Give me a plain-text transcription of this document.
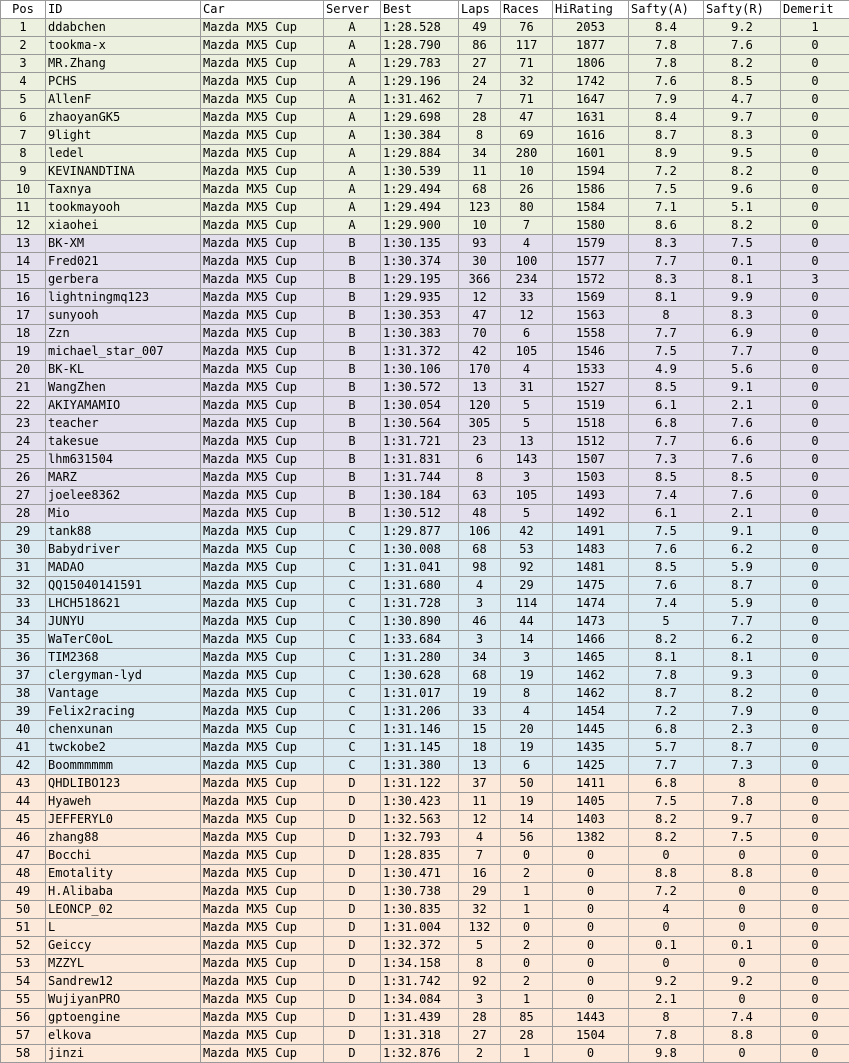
Pos	ID	Car	Server	Best	Laps	Races	HiRating	Safty(A)	Safty(R)	Demerit
1	ddabchen	Mazda MX5 Cup	A	1:28.528	49	76	2053	8.4	9.2	1
2	tookma-x	Mazda MX5 Cup	A	1:28.790	86	117	1877	7.8	7.6	0
3	MR.Zhang	Mazda MX5 Cup	A	1:29.783	27	71	1806	7.8	8.2	0
4	PCHS	Mazda MX5 Cup	A	1:29.196	24	32	1742	7.6	8.5	0
5	AllenF	Mazda MX5 Cup	A	1:31.462	7	71	1647	7.9	4.7	0
6	zhaoyanGK5	Mazda MX5 Cup	A	1:29.698	28	47	1631	8.4	9.7	0
7	9light	Mazda MX5 Cup	A	1:30.384	8	69	1616	8.7	8.3	0
8	ledel	Mazda MX5 Cup	A	1:29.884	34	280	1601	8.9	9.5	0
9	KEVINANDTINA	Mazda MX5 Cup	A	1:30.539	11	10	1594	7.2	8.2	0
10	Taxnya	Mazda MX5 Cup	A	1:29.494	68	26	1586	7.5	9.6	0
11	tookmayooh	Mazda MX5 Cup	A	1:29.494	123	80	1584	7.1	5.1	0
12	xiaohei	Mazda MX5 Cup	A	1:29.900	10	7	1580	8.6	8.2	0
13	BK-XM	Mazda MX5 Cup	B	1:30.135	93	4	1579	8.3	7.5	0
14	Fred021	Mazda MX5 Cup	B	1:30.374	30	100	1577	7.7	0.1	0
15	gerbera	Mazda MX5 Cup	B	1:29.195	366	234	1572	8.3	8.1	3
16	lightningmq123	Mazda MX5 Cup	B	1:29.935	12	33	1569	8.1	9.9	0
17	sunyooh	Mazda MX5 Cup	B	1:30.353	47	12	1563	8	8.3	0
18	Zzn	Mazda MX5 Cup	B	1:30.383	70	6	1558	7.7	6.9	0
19	michael_star_007	Mazda MX5 Cup	B	1:31.372	42	105	1546	7.5	7.7	0
20	BK-KL	Mazda MX5 Cup	B	1:30.106	170	4	1533	4.9	5.6	0
21	WangZhen	Mazda MX5 Cup	B	1:30.572	13	31	1527	8.5	9.1	0
22	AKIYAMAMIO	Mazda MX5 Cup	B	1:30.054	120	5	1519	6.1	2.1	0
23	teacher	Mazda MX5 Cup	B	1:30.564	305	5	1518	6.8	7.6	0
24	takesue	Mazda MX5 Cup	B	1:31.721	23	13	1512	7.7	6.6	0
25	lhm631504	Mazda MX5 Cup	B	1:31.831	6	143	1507	7.3	7.6	0
26	MARZ	Mazda MX5 Cup	B	1:31.744	8	3	1503	8.5	8.5	0
27	joelee8362	Mazda MX5 Cup	B	1:30.184	63	105	1493	7.4	7.6	0
28	Mio	Mazda MX5 Cup	B	1:30.512	48	5	1492	6.1	2.1	0
29	tank88	Mazda MX5 Cup	C	1:29.877	106	42	1491	7.5	9.1	0
30	Babydriver	Mazda MX5 Cup	C	1:30.008	68	53	1483	7.6	6.2	0
31	MADAO	Mazda MX5 Cup	C	1:31.041	98	92	1481	8.5	5.9	0
32	QQ15040141591	Mazda MX5 Cup	C	1:31.680	4	29	1475	7.6	8.7	0
33	LHCH518621	Mazda MX5 Cup	C	1:31.728	3	114	1474	7.4	5.9	0
34	JUNYU	Mazda MX5 Cup	C	1:30.890	46	44	1473	5	7.7	0
35	WaTerC0oL	Mazda MX5 Cup	C	1:33.684	3	14	1466	8.2	6.2	0
36	TIM2368	Mazda MX5 Cup	C	1:31.280	34	3	1465	8.1	8.1	0
37	clergyman-lyd	Mazda MX5 Cup	C	1:30.628	68	19	1462	7.8	9.3	0
38	Vantage	Mazda MX5 Cup	C	1:31.017	19	8	1462	8.7	8.2	0
39	Felix2racing	Mazda MX5 Cup	C	1:31.206	33	4	1454	7.2	7.9	0
40	chenxunan	Mazda MX5 Cup	C	1:31.146	15	20	1445	6.8	2.3	0
41	twckobe2	Mazda MX5 Cup	C	1:31.145	18	19	1435	5.7	8.7	0
42	Boommmmmm	Mazda MX5 Cup	C	1:31.380	13	6	1425	7.7	7.3	0
43	QHDLIBO123	Mazda MX5 Cup	D	1:31.122	37	50	1411	6.8	8	0
44	Hyaweh	Mazda MX5 Cup	D	1:30.423	11	19	1405	7.5	7.8	0
45	JEFFERYL0	Mazda MX5 Cup	D	1:32.563	12	14	1403	8.2	9.7	0
46	zhang88	Mazda MX5 Cup	D	1:32.793	4	56	1382	8.2	7.5	0
47	Bocchi	Mazda MX5 Cup	D	1:28.835	7	0	0	0	0	0
48	Emotality	Mazda MX5 Cup	D	1:30.471	16	2	0	8.8	8.8	0
49	H.Alibaba	Mazda MX5 Cup	D	1:30.738	29	1	0	7.2	0	0
50	LEONCP_02	Mazda MX5 Cup	D	1:30.835	32	1	0	4	0	0
51	L	Mazda MX5 Cup	D	1:31.004	132	0	0	0	0	0
52	Geiccy	Mazda MX5 Cup	D	1:32.372	5	2	0	0.1	0.1	0
53	MZZYL	Mazda MX5 Cup	D	1:34.158	8	0	0	0	0	0
54	Sandrew12	Mazda MX5 Cup	D	1:31.742	92	2	0	9.2	9.2	0
55	WujiyanPRO	Mazda MX5 Cup	D	1:34.084	3	1	0	2.1	0	0
56	gptoengine	Mazda MX5 Cup	D	1:31.439	28	85	1443	8	7.4	0
57	elkova	Mazda MX5 Cup	D	1:31.318	27	28	1504	7.8	8.8	0
58	jinzi	Mazda MX5 Cup	D	1:32.876	2	1	0	9.8	0	0
